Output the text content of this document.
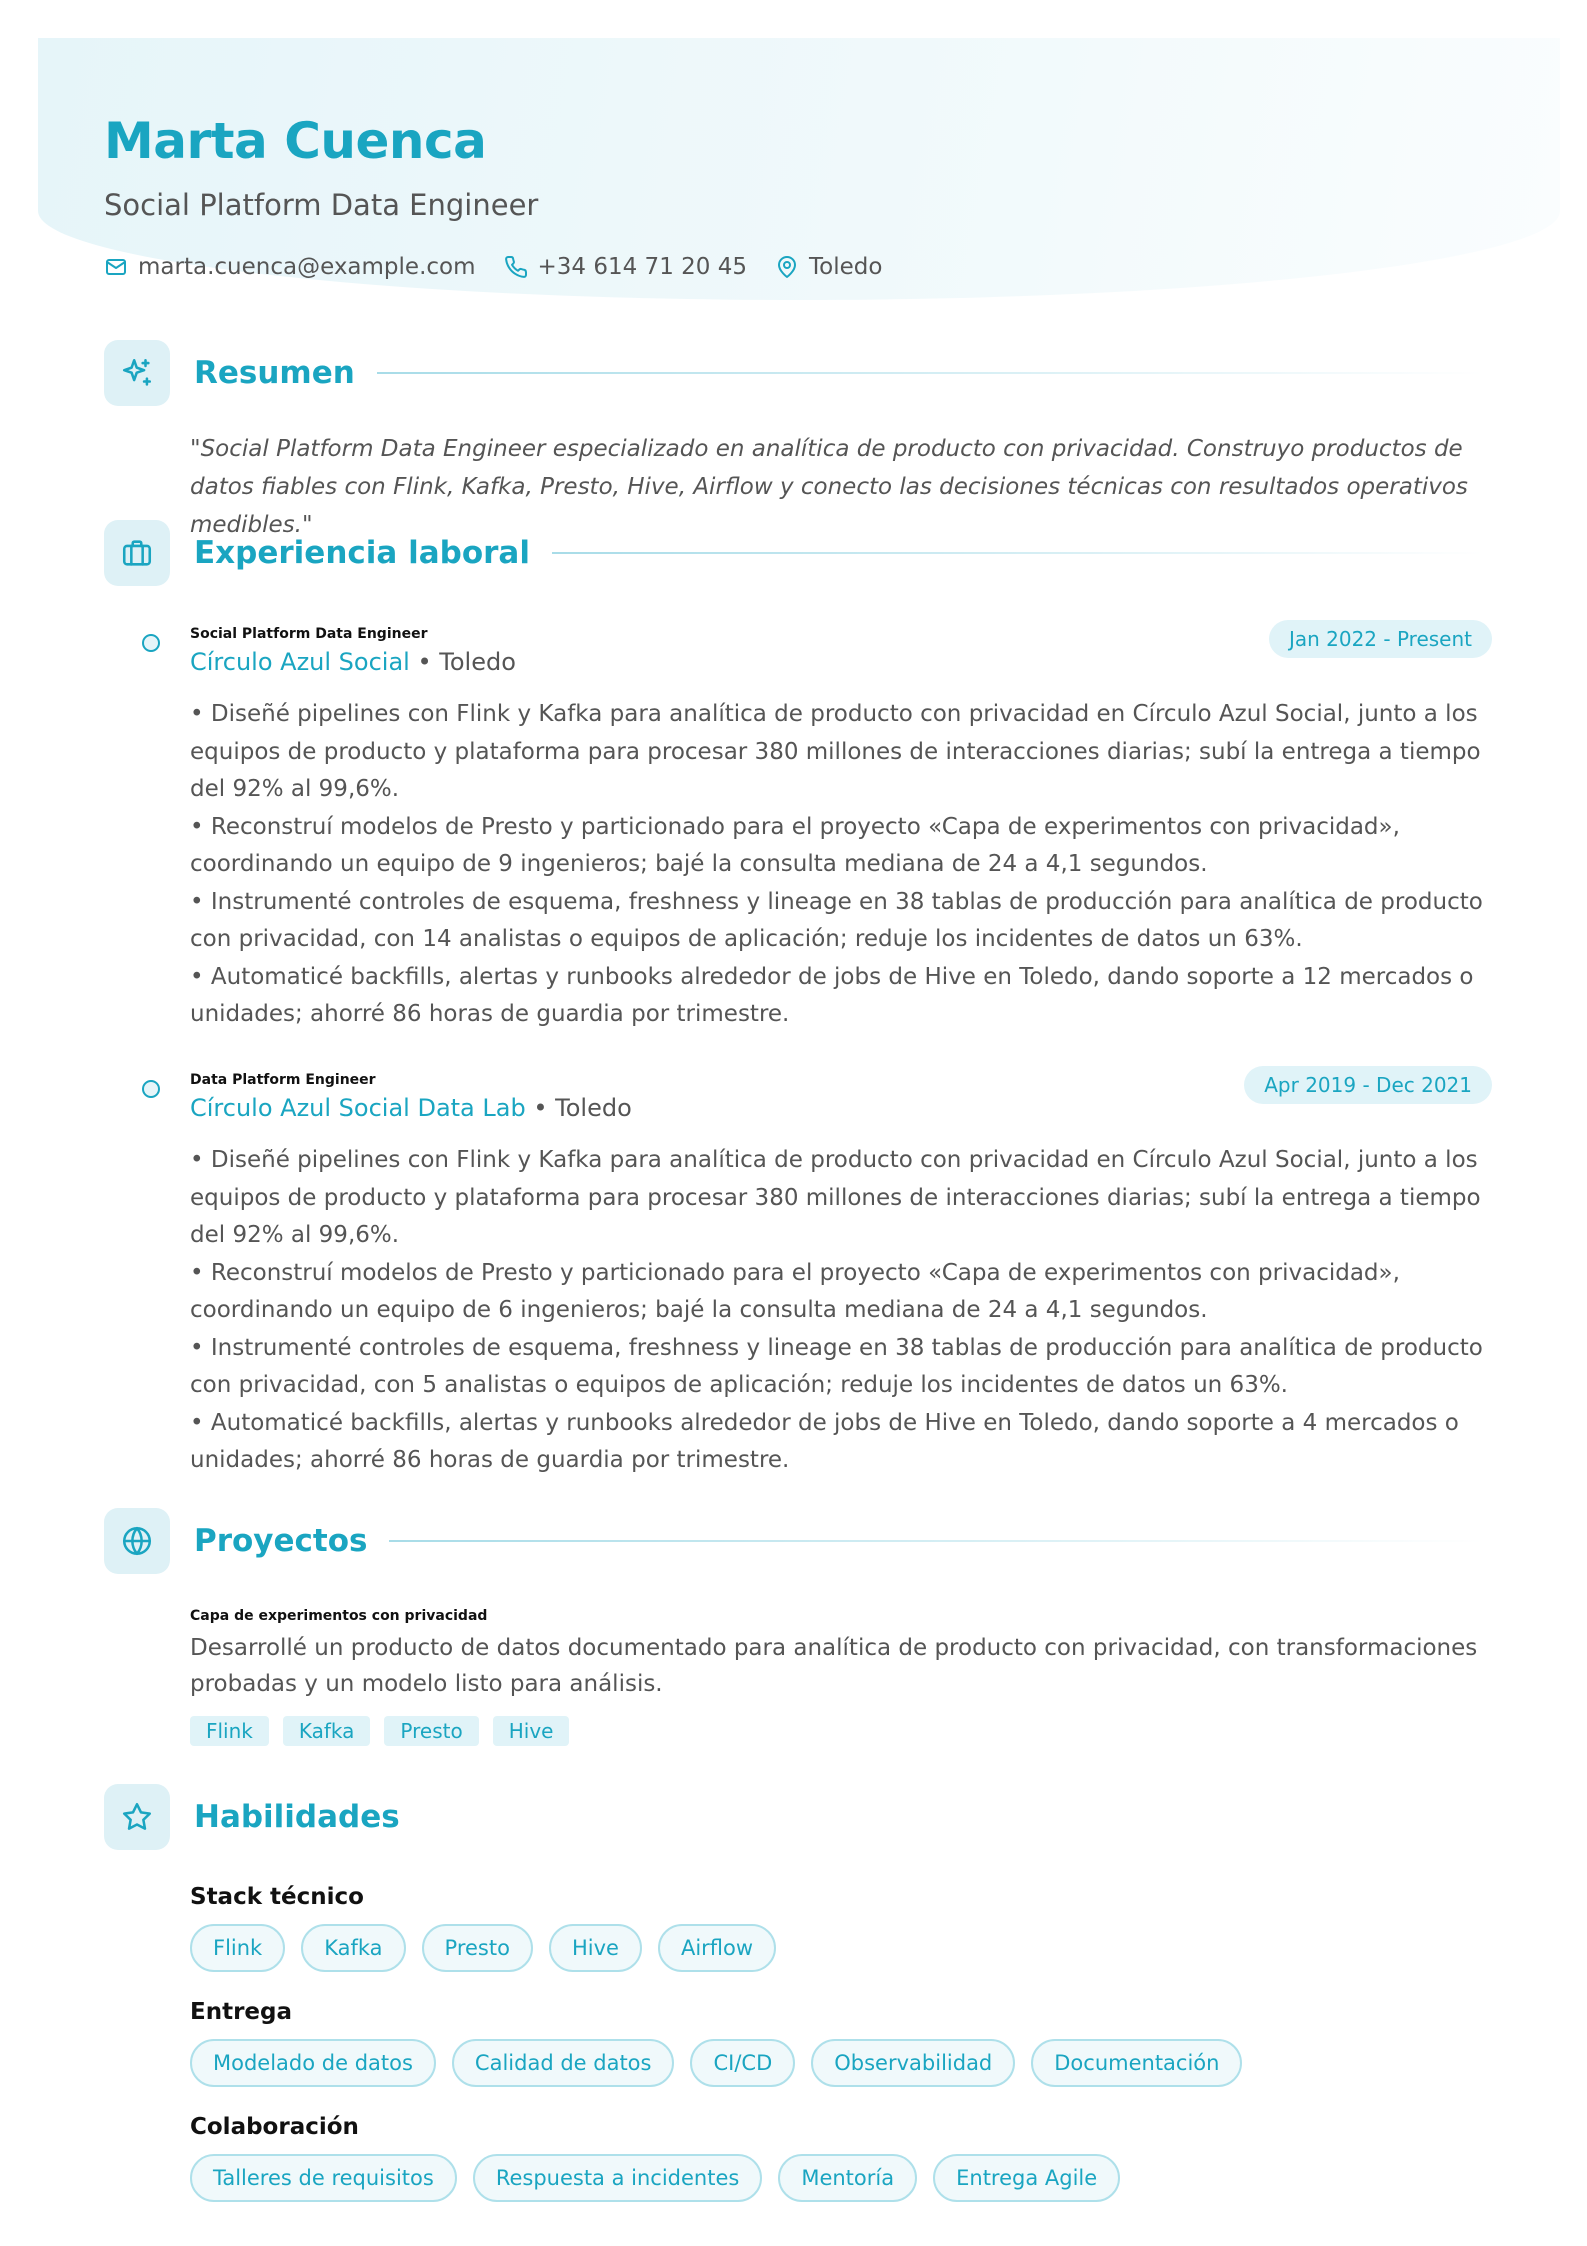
Marta Cuenca
Social Platform Data Engineer
marta.cuenca@example.com	+34 614 71 20 45	Toledo
Resumen
"Social Platform Data Engineer especializado en analítica de producto con privacidad. Construyo productos de datos fiables con Flink, Kafka, Presto, Hive, Airflow y conecto las decisiones técnicas con resultados operativos medibles."
Experiencia laboral
Social Platform Data Engineer
Círculo Azul Social • Toledo
Jan 2022 - Present

• Diseñé pipelines con Flink y Kafka para analítica de producto con privacidad en Círculo Azul Social, junto a los equipos de producto y plataforma para procesar 380 millones de interacciones diarias; subí la entrega a tiempo del 92% al 99,6%.

• Reconstruí modelos de Presto y particionado para el proyecto «Capa de experimentos con privacidad», coordinando un equipo de 9 ingenieros; bajé la consulta mediana de 24 a 4,1 segundos.

• Instrumenté controles de esquema, freshness y lineage en 38 tablas de producción para analítica de producto con privacidad, con 14 analistas o equipos de aplicación; reduje los incidentes de datos un 63%.

• Automaticé backfills, alertas y runbooks alrededor de jobs de Hive en Toledo, dando soporte a 12 mercados o unidades; ahorré 86 horas de guardia por trimestre.

Data Platform Engineer
Círculo Azul Social Data Lab • Toledo
Apr 2019 - Dec 2021

• Diseñé pipelines con Flink y Kafka para analítica de producto con privacidad en Círculo Azul Social, junto a los equipos de producto y plataforma para procesar 380 millones de interacciones diarias; subí la entrega a tiempo del 92% al 99,6%.

• Reconstruí modelos de Presto y particionado para el proyecto «Capa de experimentos con privacidad», coordinando un equipo de 6 ingenieros; bajé la consulta mediana de 24 a 4,1 segundos.

• Instrumenté controles de esquema, freshness y lineage en 38 tablas de producción para analítica de producto con privacidad, con 5 analistas o equipos de aplicación; reduje los incidentes de datos un 63%.

• Automaticé backfills, alertas y runbooks alrededor de jobs de Hive en Toledo, dando soporte a 4 mercados o unidades; ahorré 86 horas de guardia por trimestre.

Proyectos
Capa de experimentos con privacidad
Desarrollé un producto de datos documentado para analítica de producto con privacidad, con transformaciones probadas y un modelo listo para análisis.
Flink	Kafka	Presto	Hive
Habilidades
Stack técnico
Flink	Kafka	Presto	Hive	Airflow
Entrega
Modelado de datos	Calidad de datos	CI/CD	Observabilidad	Documentación
Colaboración
Talleres de requisitos	Respuesta a incidentes	Mentoría	Entrega Agile
